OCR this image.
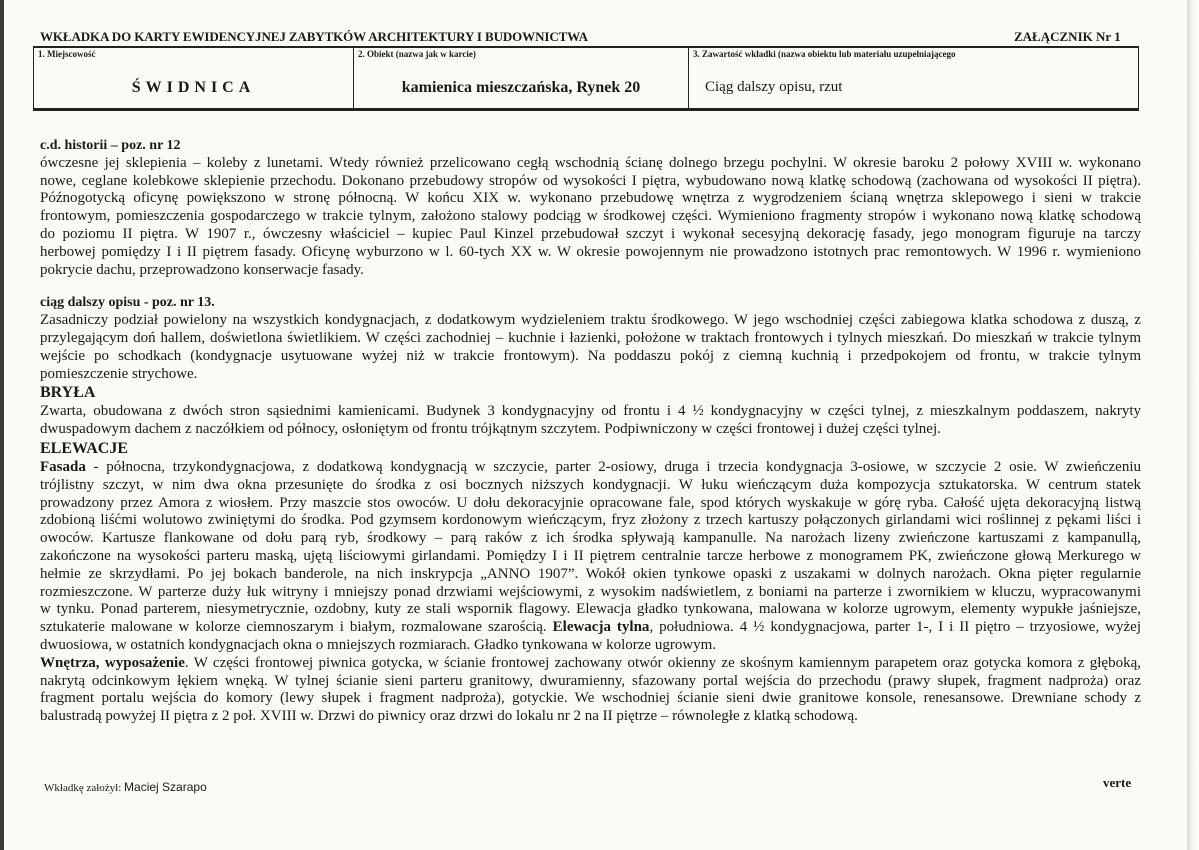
WKŁADKA DO KARTY EWIDENCYJNEJ ZABYTKÓW ARCHITEKTURY I BUDOWNICTWA	ZAŁĄCZNIK Nr 1
1. Miejscowość
ŚWIDNICA
2. Obiekt (nazwa jak w karcie)
kamienica mieszczańska, Rynek 20
3. Zawartość wkładki (nazwa obiektu lub materiału uzupełniającego
Ciąg dalszy opisu, rzut
c.d. historii – poz. nr 12
ówczesne jej sklepienia – koleby z lunetami. Wtedy również przelicowano cegłą wschodnią ścianę dolnego brzegu pochylni. W okresie baroku 2 połowy XVIII w. wykonano
nowe, ceglane kolebkowe sklepienie przechodu. Dokonano przebudowy stropów od wysokości I piętra, wybudowano nową klatkę schodową (zachowana od wysokości II piętra).
Późnogotycką oficynę powiększono w stronę północną. W końcu XIX w. wykonano przebudowę wnętrza z wygrodzeniem ścianą wnętrza sklepowego i sieni w trakcie
frontowym, pomieszczenia gospodarczego w trakcie tylnym, założono stalowy podciąg w środkowej części. Wymieniono fragmenty stropów i wykonano nową klatkę schodową
do poziomu II piętra. W 1907 r., ówczesny właściciel – kupiec Paul Kinzel przebudował szczyt i wykonał secesyjną dekorację fasady, jego monogram figuruje na tarczy
herbowej pomiędzy I i II piętrem fasady. Oficynę wyburzono w l. 60-tych XX w. W okresie powojennym nie prowadzono istotnych prac remontowych. W 1996 r. wymieniono
pokrycie dachu, przeprowadzono konserwacje fasady.
ciąg dalszy opisu - poz. nr 13.
Zasadniczy podział powielony na wszystkich kondygnacjach, z dodatkowym wydzieleniem traktu środkowego. W jego wschodniej części zabiegowa klatka schodowa z duszą, z
przylegającym doń hallem, doświetlona świetlikiem. W części zachodniej – kuchnie i łazienki, położone w traktach frontowych i tylnych mieszkań. Do mieszkań w trakcie tylnym
wejście po schodkach (kondygnacje usytuowane wyżej niż w trakcie frontowym). Na poddaszu pokój z ciemną kuchnią i przedpokojem od frontu, w trakcie tylnym
pomieszczenie strychowe.
BRYŁA
Zwarta, obudowana z dwóch stron sąsiednimi kamienicami. Budynek 3 kondygnacyjny od frontu i 4 ½ kondygnacyjny w części tylnej, z mieszkalnym poddaszem, nakryty
dwuspadowym dachem z naczółkiem od północy, osłoniętym od frontu trójkątnym szczytem. Podpiwniczony w części frontowej i dużej części tylnej.
ELEWACJE
Fasada - północna, trzykondygnacjowa, z dodatkową kondygnacją w szczycie, parter 2-osiowy, druga i trzecia kondygnacja 3-osiowe, w szczycie 2 osie. W zwieńczeniu
trójlistny szczyt, w nim dwa okna przesunięte do środka z osi bocznych niższych kondygnacji. W łuku wieńczącym duża kompozycja sztukatorska. W centrum statek
prowadzony przez Amora z wiosłem. Przy maszcie stos owoców. U dołu dekoracyjnie opracowane fale, spod których wyskakuje w górę ryba. Całość ujęta dekoracyjną listwą
zdobioną liśćmi wolutowo zwiniętymi do środka. Pod gzymsem kordonowym wieńczącym, fryz złożony z trzech kartuszy połączonych girlandami wici roślinnej z pękami liści i
owoców. Kartusze flankowane od dołu parą ryb, środkowy – parą raków z ich środka spływają kampanulle. Na narożach lizeny zwieńczone kartuszami z kampanullą,
zakończone na wysokości parteru maską, ujętą liściowymi girlandami. Pomiędzy I i II piętrem centralnie tarcze herbowe z monogramem PK, zwieńczone głową Merkurego w
hełmie ze skrzydłami. Po jej bokach banderole, na nich inskrypcja „ANNO 1907”. Wokół okien tynkowe opaski z uszakami w dolnych narożach. Okna pięter regularnie
rozmieszczone. W parterze duży łuk witryny i mniejszy ponad drzwiami wejściowymi, z wysokim nadświetlem, z boniami na parterze i zwornikiem w kluczu, wypracowanymi
w tynku. Ponad parterem, niesymetrycznie, ozdobny, kuty ze stali wspornik flagowy. Elewacja gładko tynkowana, malowana w kolorze ugrowym, elementy wypukłe jaśniejsze,
sztukaterie malowane w kolorze ciemnoszarym i białym, rozmalowane szarością. Elewacja tylna, południowa. 4 ½ kondygnacjowa, parter 1-, I i II piętro – trzyosiowe, wyżej
dwuosiowa, w ostatnich kondygnacjach okna o mniejszych rozmiarach. Gładko tynkowana w kolorze ugrowym.
Wnętrza, wyposażenie. W części frontowej piwnica gotycka, w ścianie frontowej zachowany otwór okienny ze skośnym kamiennym parapetem oraz gotycka komora z głęboką,
nakrytą odcinkowym łękiem wnęką. W tylnej ścianie sieni parteru granitowy, dwuramienny, sfazowany portal wejścia do przechodu (prawy słupek, fragment nadproża) oraz
fragment portalu wejścia do komory (lewy słupek i fragment nadproża), gotyckie. We wschodniej ścianie sieni dwie granitowe konsole, renesansowe. Drewniane schody z
balustradą powyżej II piętra z 2 poł. XVIII w. Drzwi do piwnicy oraz drzwi do lokalu nr 2 na II piętrze – równoległe z klatką schodową.
Wkładkę założył: Maciej Szarapo	verte
